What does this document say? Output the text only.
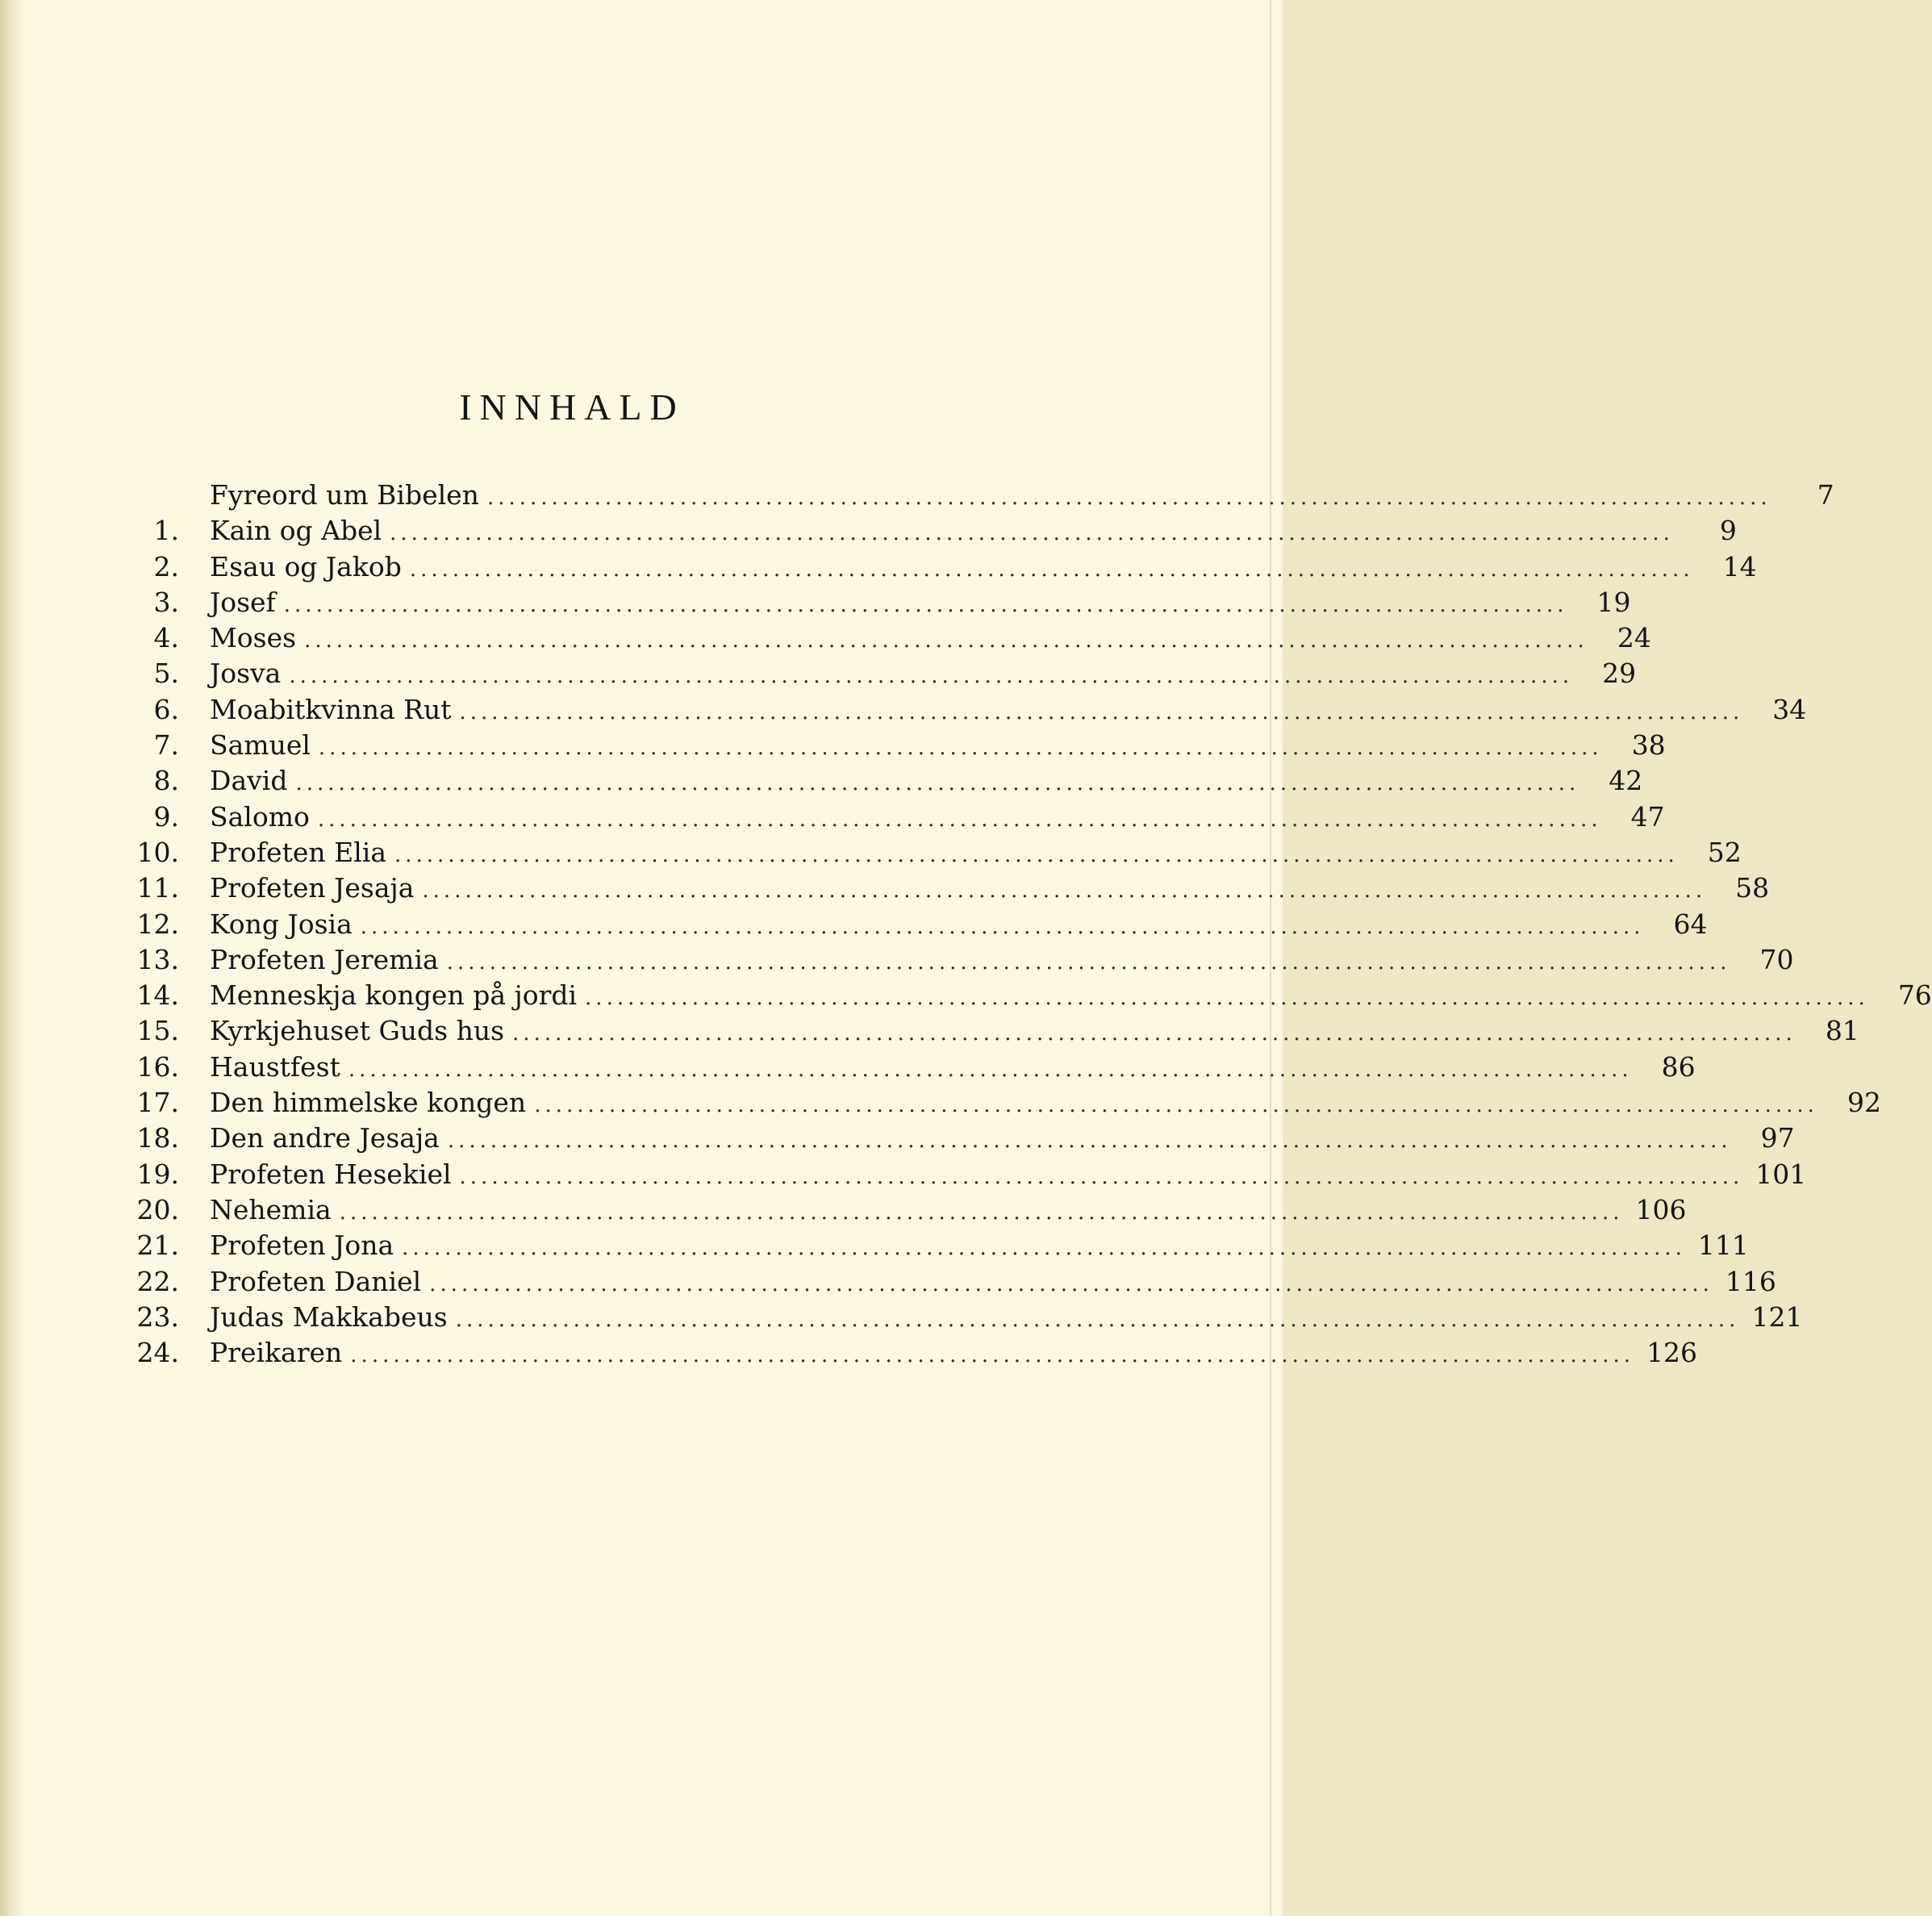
INNHALD
Fyreord um Bibelen ........................................................................................................................	7
1. Kain og Abel ........................................................................................................................	9
2. Esau og Jakob ........................................................................................................................	14
3. Josef ........................................................................................................................	19
4. Moses ........................................................................................................................	24
5. Josva ........................................................................................................................	29
6. Moabitkvinna Rut ........................................................................................................................	34
7. Samuel ........................................................................................................................	38
8. David ........................................................................................................................	42
9. Salomo ........................................................................................................................	47
10. Profeten Elia ........................................................................................................................	52
11. Profeten Jesaja ........................................................................................................................	58
12. Kong Josia ........................................................................................................................	64
13. Profeten Jeremia ........................................................................................................................	70
14. Menneskja kongen på jordi ........................................................................................................................	76
15. Kyrkjehuset Guds hus ........................................................................................................................	81
16. Haustfest ........................................................................................................................	86
17. Den himmelske kongen ........................................................................................................................	92
18. Den andre Jesaja ........................................................................................................................	97
19. Profeten Hesekiel ........................................................................................................................ 101
20. Nehemia ........................................................................................................................ 106
21. Profeten Jona ........................................................................................................................ 111
22. Profeten Daniel ........................................................................................................................ 116
23. Judas Makkabeus ........................................................................................................................ 121
24. Preikaren ........................................................................................................................ 126
